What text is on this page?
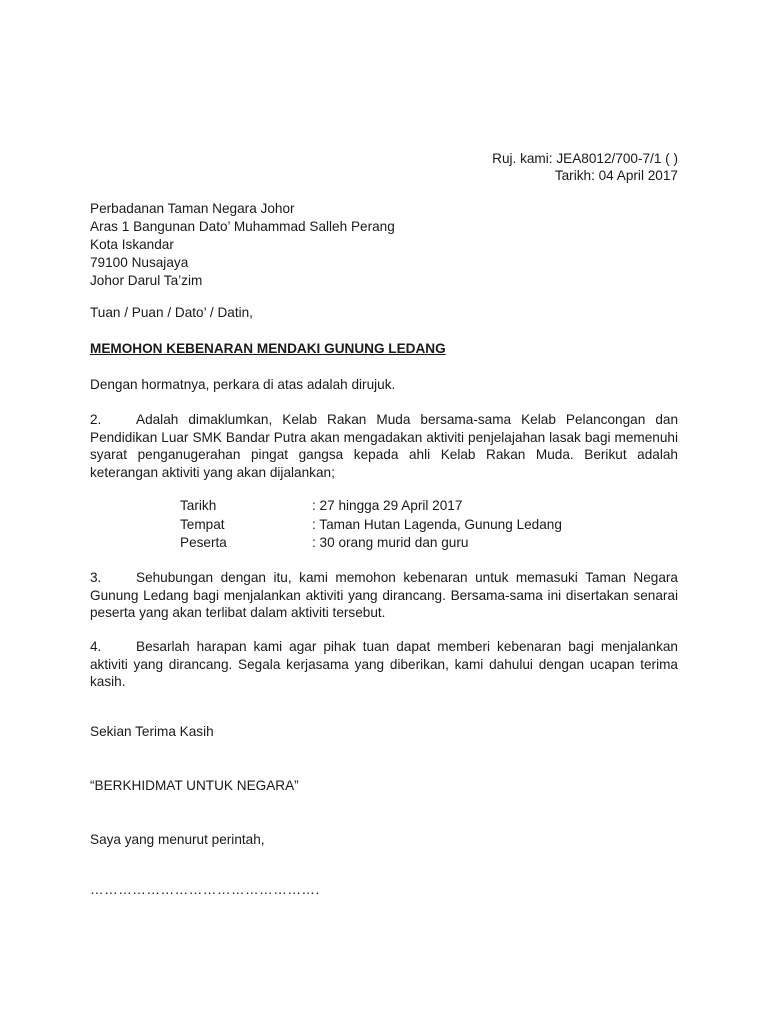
Ruj. kami: JEA8012/700-7/1 ( )
Tarikh: 04 April 2017
Perbadanan Taman Negara Johor
Aras 1 Bangunan Dato’ Muhammad Salleh Perang
Kota Iskandar
79100 Nusajaya
Johor Darul Ta’zim
Tuan / Puan / Dato’ / Datin,
MEMOHON KEBENARAN MENDAKI GUNUNG LEDANG
Dengan hormatnya, perkara di atas adalah dirujuk.
2.	Adalah dimaklumkan, Kelab Rakan Muda bersama-sama Kelab Pelancongan dan Pendidikan Luar SMK Bandar Putra akan mengadakan aktiviti penjelajahan lasak bagi memenuhi syarat penganugerahan pingat gangsa kepada ahli Kelab Rakan Muda. Berikut adalah keterangan aktiviti yang akan dijalankan;
Tarikh	: 27 hingga 29 April 2017
Tempat	: Taman Hutan Lagenda, Gunung Ledang
Peserta	: 30 orang murid dan guru
3.	Sehubungan dengan itu, kami memohon kebenaran untuk memasuki Taman Negara Gunung Ledang bagi menjalankan aktiviti yang dirancang. Bersama-sama ini disertakan senarai peserta yang akan terlibat dalam aktiviti tersebut.
4.	Besarlah harapan kami agar pihak tuan dapat memberi kebenaran bagi menjalankan aktiviti yang dirancang. Segala kerjasama yang diberikan, kami dahului dengan ucapan terima kasih.
Sekian Terima Kasih
“BERKHIDMAT UNTUK NEGARA”
Saya yang menurut perintah,
………………………………………….
